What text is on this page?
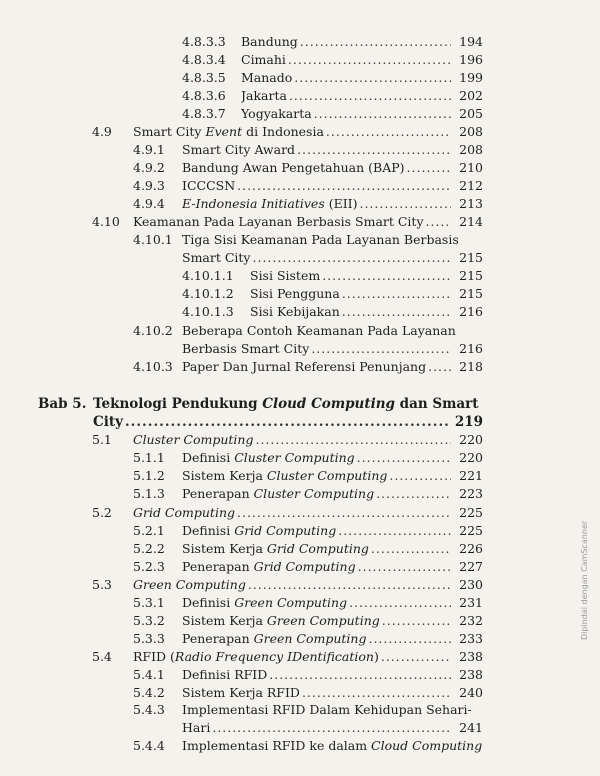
4.8.3.3 Bandung .....	194
4.8.3.4 Cimahi .....	196
4.8.3.5 Manado .....	199
4.8.3.6 Jakarta .....	202
4.8.3.7 Yogyakarta .....	205
4.9 Smart City Event di Indonesia .....	208
4.9.1 Smart City Award .....	208
4.9.2 Bandung Awan Pengetahuan (BAP) .....	210
4.9.3 ICCCSN .....	212
4.9.4 E-Indonesia Initiatives (EII) .....	213
4.10 Keamanan Pada Layanan Berbasis Smart City .....	214
4.10.1 Tiga Sisi Keamanan Pada Layanan Berbasis
Smart City .....	215
4.10.1.1 Sisi Sistem .....	215
4.10.1.2 Sisi Pengguna .....	215
4.10.1.3 Sisi Kebijakan .....	216
4.10.2 Beberapa Contoh Keamanan Pada Layanan
Berbasis Smart City .....	216
4.10.3 Paper Dan Jurnal Referensi Penunjang .....	218
Bab 5. Teknologi Pendukung Cloud Computing dan Smart
City .....	219
5.1 Cluster Computing .....	220
5.1.1 Definisi Cluster Computing .....	220
5.1.2 Sistem Kerja Cluster Computing .....	221
5.1.3 Penerapan Cluster Computing .....	223
5.2 Grid Computing .....	225
5.2.1 Definisi Grid Computing .....	225
5.2.2 Sistem Kerja Grid Computing .....	226
5.2.3 Penerapan Grid Computing .....	227
5.3 Green Computing .....	230
5.3.1 Definisi Green Computing .....	231
5.3.2 Sistem Kerja Green Computing .....	232
5.3.3 Penerapan Green Computing .....	233
5.4 RFID (Radio Frequency IDentification) .....	238
5.4.1 Definisi RFID .....	238
5.4.2 Sistem Kerja RFID .....	240
5.4.3 Implementasi RFID Dalam Kehidupan Sehari-
Hari .....	241
5.4.4 Implementasi RFID ke dalam Cloud Computing
Dipindai dengan CamScanner
